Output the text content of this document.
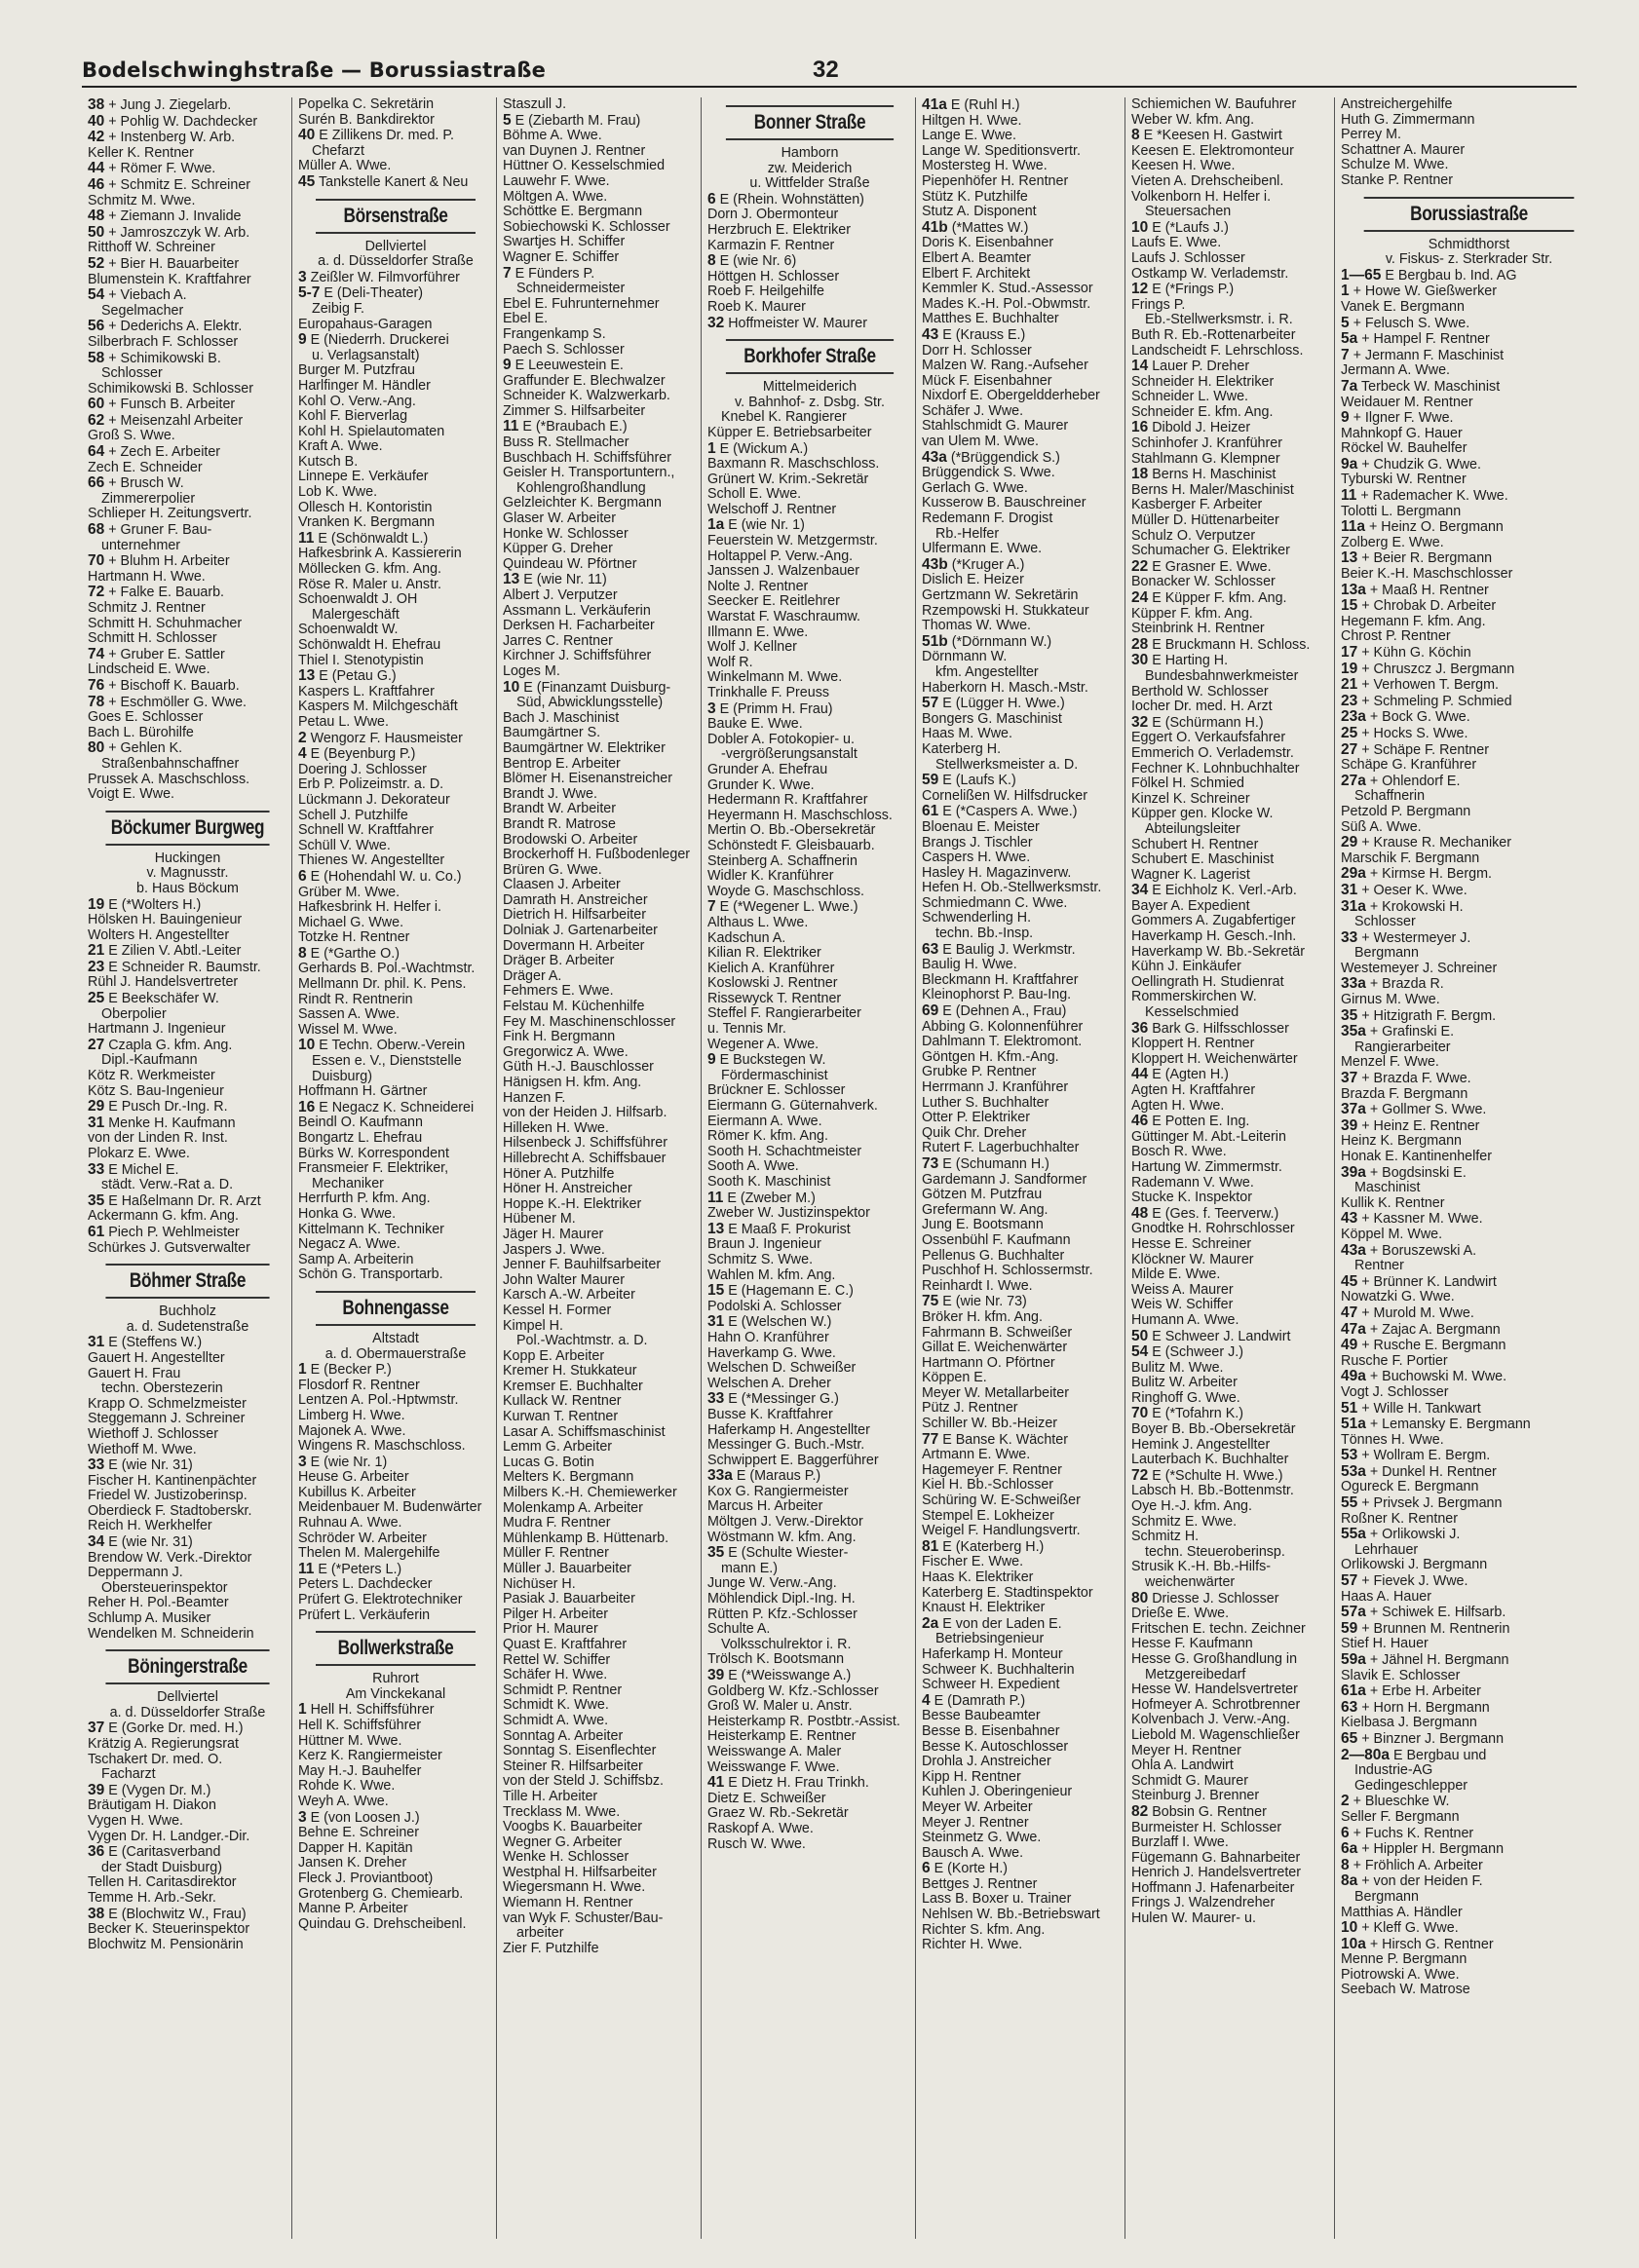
Bodelschwinghstraße — Borussiastraße	32
38 + Jung J. Ziegelarb.
40 + Pohlig W. Dachdecker
42 + Instenberg W. Arb.
Keller K. Rentner
44 + Römer F. Wwe.
46 + Schmitz E. Schreiner
Schmitz M. Wwe.
48 + Ziemann J. Invalide
50 + Jamroszczyk W. Arb.
Ritthoff W. Schreiner
52 + Bier H. Bauarbeiter
Blumenstein K. Kraftfahrer
54 + Viebach A.
Segelmacher
56 + Dederichs A. Elektr.
Silberbrach F. Schlosser
58 + Schimikowski B.
Schlosser
Schimikowski B. Schlosser
60 + Funsch B. Arbeiter
62 + Meisenzahl Arbeiter
Groß S. Wwe.
64 + Zech E. Arbeiter
Zech E. Schneider
66 + Brusch W.
Zimmererpolier
Schlieper H. Zeitungsvertr.
68 + Gruner F. Bau-
unternehmer
70 + Bluhm H. Arbeiter
Hartmann H. Wwe.
72 + Falke E. Bauarb.
Schmitz J. Rentner
Schmitt H. Schuhmacher
Schmitt H. Schlosser
74 + Gruber E. Sattler
Lindscheid E. Wwe.
76 + Bischoff K. Bauarb.
78 + Eschmöller G. Wwe.
Goes E. Schlosser
Bach L. Bürohilfe
80 + Gehlen K.
Straßenbahnschaffner
Prussek A. Maschschloss.
Voigt E. Wwe.
Böckumer Burgweg
Huckingen
v. Magnusstr.
b. Haus Böckum
19 E (*Wolters H.)
Hölsken H. Bauingenieur
Wolters H. Angestellter
21 E Zilien V. Abtl.-Leiter
23 E Schneider R. Baumstr.
Rühl J. Handelsvertreter
25 E Beekschäfer W.
Oberpolier
Hartmann J. Ingenieur
27 Czapla G. kfm. Ang.
Dipl.-Kaufmann
Kötz R. Werkmeister
Kötz S. Bau-Ingenieur
29 E Pusch Dr.-Ing. R.
31 Menke H. Kaufmann
von der Linden R. Inst.
Plokarz E. Wwe.
33 E Michel E.
städt. Verw.-Rat a. D.
35 E Haßelmann Dr. R. Arzt
Ackermann G. kfm. Ang.
61 Piech P. Wehlmeister
Schürkes J. Gutsverwalter
Böhmer Straße
Buchholz
a. d. Sudetenstraße
31 E (Steffens W.)
Gauert H. Angestellter
Gauert H. Frau
techn. Oberstezerin
Krapp O. Schmelzmeister
Steggemann J. Schreiner
Wiethoff J. Schlosser
Wiethoff M. Wwe.
33 E (wie Nr. 31)
Fischer H. Kantinenpächter
Friedel W. Justizoberinsp.
Oberdieck F. Stadtoberskr.
Reich H. Werkhelfer
34 E (wie Nr. 31)
Brendow W. Verk.-Direktor
Deppermann J.
Obersteuerinspektor
Reher H. Pol.-Beamter
Schlump A. Musiker
Wendelken M. Schneiderin
Böningerstraße
Dellviertel
a. d. Düsseldorfer Straße
37 E (Gorke Dr. med. H.)
Krätzig A. Regierungsrat
Tschakert Dr. med. O.
Facharzt
39 E (Vygen Dr. M.)
Bräutigam H. Diakon
Vygen H. Wwe.
Vygen Dr. H. Landger.-Dir.
36 E (Caritasverband
der Stadt Duisburg)
Tellen H. Caritasdirektor
Temme H. Arb.-Sekr.
38 E (Blochwitz W., Frau)
Becker K. Steuerinspektor
Blochwitz M. Pensionärin
Popelka C. Sekretärin
Surén B. Bankdirektor
40 E Zillikens Dr. med. P.
Chefarzt
Müller A. Wwe.
45 Tankstelle Kanert & Neu
Börsenstraße
Dellviertel
a. d. Düsseldorfer Straße
3 Zeißler W. Filmvorführer
5-7 E (Deli-Theater)
Zeibig F.
Europahaus-Garagen
9 E (Niederrh. Druckerei
u. Verlagsanstalt)
Burger M. Putzfrau
Harlfinger M. Händler
Kohl O. Verw.-Ang.
Kohl F. Bierverlag
Kohl H. Spielautomaten
Kraft A. Wwe.
Kutsch B.
Linnepe E. Verkäufer
Lob K. Wwe.
Ollesch H. Kontoristin
Vranken K. Bergmann
11 E (Schönwaldt L.)
Hafkesbrink A. Kassiererin
Möllecken G. kfm. Ang.
Röse R. Maler u. Anstr.
Schoenwaldt J. OH
Malergeschäft
Schoenwaldt W.
Schönwaldt H. Ehefrau
Thiel I. Stenotypistin
13 E (Petau G.)
Kaspers L. Kraftfahrer
Kaspers M. Milchgeschäft
Petau L. Wwe.
2 Wengorz F. Hausmeister
4 E (Beyenburg P.)
Doering J. Schlosser
Erb P. Polizeimstr. a. D.
Lückmann J. Dekorateur
Schell J. Putzhilfe
Schnell W. Kraftfahrer
Schüll V. Wwe.
Thienes W. Angestellter
6 E (Hohendahl W. u. Co.)
Grüber M. Wwe.
Hafkesbrink H. Helfer i.
Michael G. Wwe.
Totzke H. Rentner
8 E (*Garthe O.)
Gerhards B. Pol.-Wachtmstr.
Mellmann Dr. phil. K. Pens.
Rindt R. Rentnerin
Sassen A. Wwe.
Wissel M. Wwe.
10 E Techn. Oberw.-Verein
Essen e. V., Dienststelle
Duisburg)
Hoffmann H. Gärtner
16 E Negacz K. Schneiderei
Beindl O. Kaufmann
Bongartz L. Ehefrau
Bürks W. Korrespondent
Fransmeier F. Elektriker,
Mechaniker
Herrfurth P. kfm. Ang.
Honka G. Wwe.
Kittelmann K. Techniker
Negacz A. Wwe.
Samp A. Arbeiterin
Schön G. Transportarb.
Bohnengasse
Altstadt
a. d. Obermauerstraße
1 E (Becker P.)
Flosdorf R. Rentner
Lentzen A. Pol.-Hptwmstr.
Limberg H. Wwe.
Majonek A. Wwe.
Wingens R. Maschschloss.
3 E (wie Nr. 1)
Heuse G. Arbeiter
Kubillus K. Arbeiter
Meidenbauer M. Budenwärter
Ruhnau A. Wwe.
Schröder W. Arbeiter
Thelen M. Malergehilfe
11 E (*Peters L.)
Peters L. Dachdecker
Prüfert G. Elektrotechniker
Prüfert L. Verkäuferin
Bollwerkstraße
Ruhrort
Am Vinckekanal
1 Hell H. Schiffsführer
Hell K. Schiffsführer
Hüttner M. Wwe.
Kerz K. Rangiermeister
May H.-J. Bauhelfer
Rohde K. Wwe.
Weyh A. Wwe.
3 E (von Loosen J.)
Behne E. Schreiner
Dapper H. Kapitän
Jansen K. Dreher
Fleck J. Proviantboot)
Grotenberg G. Chemiearb.
Manne P. Arbeiter
Quindau G. Drehscheibenl.
Staszull J.
5 E (Ziebarth M. Frau)
Böhme A. Wwe.
van Duynen J. Rentner
Hüttner O. Kesselschmied
Lauwehr F. Wwe.
Möltgen A. Wwe.
Schöttke E. Bergmann
Sobiechowski K. Schlosser
Swartjes H. Schiffer
Wagner E. Schiffer
7 E Fünders P.
Schneidermeister
Ebel E. Fuhrunternehmer
Ebel E.
Frangenkamp S.
Paech S. Schlosser
9 E Leeuwestein E.
Graffunder E. Blechwalzer
Schneider K. Walzwerkarb.
Zimmer S. Hilfsarbeiter
11 E (*Braubach E.)
Buss R. Stellmacher
Buschbach H. Schiffsführer
Geisler H. Transportuntern.,
Kohlengroßhandlung
Gelzleichter K. Bergmann
Glaser W. Arbeiter
Honke W. Schlosser
Küpper G. Dreher
Quindeau W. Pförtner
13 E (wie Nr. 11)
Albert J. Verputzer
Assmann L. Verkäuferin
Derksen H. Facharbeiter
Jarres C. Rentner
Kirchner J. Schiffsführer
Loges M.
10 E (Finanzamt Duisburg-
Süd, Abwicklungsstelle)
Bach J. Maschinist
Baumgärtner S.
Baumgärtner W. Elektriker
Bentrop E. Arbeiter
Blömer H. Eisenanstreicher
Brandt J. Wwe.
Brandt W. Arbeiter
Brandt R. Matrose
Brodowski O. Arbeiter
Brockerhoff H. Fußbodenleger
Brüren G. Wwe.
Claasen J. Arbeiter
Damrath H. Anstreicher
Dietrich H. Hilfsarbeiter
Dolniak J. Gartenarbeiter
Dovermann H. Arbeiter
Dräger B. Arbeiter
Dräger A.
Fehmers E. Wwe.
Felstau M. Küchenhilfe
Fey M. Maschinenschlosser
Fink H. Bergmann
Gregorwicz A. Wwe.
Güth H.-J. Bauschlosser
Hänigsen H. kfm. Ang.
Hanzen F.
von der Heiden J. Hilfsarb.
Hilleken H. Wwe.
Hilsenbeck J. Schiffsführer
Hillebrecht A. Schiffsbauer
Höner A. Putzhilfe
Höner H. Anstreicher
Hoppe K.-H. Elektriker
Hübener M.
Jäger H. Maurer
Jaspers J. Wwe.
Jenner F. Bauhilfsarbeiter
John Walter Maurer
Karsch A.-W. Arbeiter
Kessel H. Former
Kimpel H.
Pol.-Wachtmstr. a. D.
Kopp E. Arbeiter
Kremer H. Stukkateur
Kremser E. Buchhalter
Kullack W. Rentner
Kurwan T. Rentner
Lasar A. Schiffsmaschinist
Lemm G. Arbeiter
Lucas G. Botin
Melters K. Bergmann
Milbers K.-H. Chemiewerker
Molenkamp A. Arbeiter
Mudra F. Rentner
Mühlenkamp B. Hüttenarb.
Müller F. Rentner
Müller J. Bauarbeiter
Nichüser H.
Pasiak J. Bauarbeiter
Pilger H. Arbeiter
Prior H. Maurer
Quast E. Kraftfahrer
Rettel W. Schiffer
Schäfer H. Wwe.
Schmidt P. Rentner
Schmidt K. Wwe.
Schmidt A. Wwe.
Sonntag A. Arbeiter
Sonntag S. Eisenflechter
Steiner R. Hilfsarbeiter
von der Steld J. Schiffsbz.
Tille H. Arbeiter
Trecklass M. Wwe.
Voogbs K. Bauarbeiter
Wegner G. Arbeiter
Wenke H. Schlosser
Westphal H. Hilfsarbeiter
Wiegersmann H. Wwe.
Wiemann H. Rentner
van Wyk F. Schuster/Bau-
arbeiter
Zier F. Putzhilfe
Bonner Straße
Hamborn
zw. Meiderich
u. Wittfelder Straße
6 E (Rhein. Wohnstätten)
Dorn J. Obermonteur
Herzbruch E. Elektriker
Karmazin F. Rentner
8 E (wie Nr. 6)
Höttgen H. Schlosser
Roeb F. Heilgehilfe
Roeb K. Maurer
32 Hoffmeister W. Maurer
Borkhofer Straße
Mittelmeiderich
v. Bahnhof- z. Dsbg. Str.
Knebel K. Rangierer
Küpper E. Betriebsarbeiter
1 E (Wickum A.)
Baxmann R. Maschschloss.
Grünert W. Krim.-Sekretär
Scholl E. Wwe.
Welschoff J. Rentner
1a E (wie Nr. 1)
Feuerstein W. Metzgermstr.
Holtappel P. Verw.-Ang.
Janssen J. Walzenbauer
Nolte J. Rentner
Seecker E. Reitlehrer
Warstat F. Waschraumw.
Illmann E. Wwe.
Wolf J. Kellner
Wolf R.
Winkelmann M. Wwe.
Trinkhalle F. Preuss
3 E (Primm H. Frau)
Bauke E. Wwe.
Dobler A. Fotokopier- u.
-vergrößerungsanstalt
Grunder A. Ehefrau
Grunder K. Wwe.
Hedermann R. Kraftfahrer
Heyermann H. Maschschloss.
Mertin O. Bb.-Obersekretär
Schönstedt F. Gleisbauarb.
Steinberg A. Schaffnerin
Widler K. Kranführer
Woyde G. Maschschloss.
7 E (*Wegener L. Wwe.)
Althaus L. Wwe.
Kadschun A.
Kilian R. Elektriker
Kielich A. Kranführer
Koslowski J. Rentner
Rissewyck T. Rentner
Steffel F. Rangierarbeiter
u. Tennis Mr.
Wegener A. Wwe.
9 E Buckstegen W.
Fördermaschinist
Brückner E. Schlosser
Eiermann G. Güternahverk.
Eiermann A. Wwe.
Römer K. kfm. Ang.
Sooth H. Schachtmeister
Sooth A. Wwe.
Sooth K. Maschinist
11 E (Zweber M.)
Zweber W. Justizinspektor
13 E Maaß F. Prokurist
Braun J. Ingenieur
Schmitz S. Wwe.
Wahlen M. kfm. Ang.
15 E (Hagemann E. C.)
Podolski A. Schlosser
31 E (Welschen W.)
Hahn O. Kranführer
Haverkamp G. Wwe.
Welschen D. Schweißer
Welschen A. Dreher
33 E (*Messinger G.)
Busse K. Kraftfahrer
Haferkamp H. Angestellter
Messinger G. Buch.-Mstr.
Schwippert E. Baggerführer
33a E (Maraus P.)
Kox G. Rangiermeister
Marcus H. Arbeiter
Möltgen J. Verw.-Direktor
Wöstmann W. kfm. Ang.
35 E (Schulte Wiester-
mann E.)
Junge W. Verw.-Ang.
Möhlendick Dipl.-Ing. H.
Rütten P. Kfz.-Schlosser
Schulte A.
Volksschulrektor i. R.
Trölsch K. Bootsmann
39 E (*Weisswange A.)
Goldberg W. Kfz.-Schlosser
Groß W. Maler u. Anstr.
Heisterkamp R. Postbtr.-Assist.
Heisterkamp E. Rentner
Weisswange A. Maler
Weisswange F. Wwe.
41 E Dietz H. Frau Trinkh.
Dietz E. Schweißer
Graez W. Rb.-Sekretär
Raskopf A. Wwe.
Rusch W. Wwe.
41a E (Ruhl H.)
Hiltgen H. Wwe.
Lange E. Wwe.
Lange W. Speditionsvertr.
Mostersteg H. Wwe.
Piepenhöfer H. Rentner
Stütz K. Putzhilfe
Stutz A. Disponent
41b (*Mattes W.)
Doris K. Eisenbahner
Elbert A. Beamter
Elbert F. Architekt
Kemmler K. Stud.-Assessor
Mades K.-H. Pol.-Obwmstr.
Matthes E. Buchhalter
43 E (Krauss E.)
Dorr H. Schlosser
Malzen W. Rang.-Aufseher
Mück F. Eisenbahner
Nixdorf E. Obergeldderheber
Schäfer J. Wwe.
Stahlschmidt G. Maurer
van Ulem M. Wwe.
43a (*Brüggendick S.)
Brüggendick S. Wwe.
Gerlach G. Wwe.
Kusserow B. Bauschreiner
Redemann F. Drogist
Rb.-Helfer
Ulfermann E. Wwe.
43b (*Kruger A.)
Dislich E. Heizer
Gertzmann W. Sekretärin
Rzempowski H. Stukkateur
Thomas W. Wwe.
51b (*Dörnmann W.)
Dörnmann W.
kfm. Angestellter
Haberkorn H. Masch.-Mstr.
57 E (Lügger H. Wwe.)
Bongers G. Maschinist
Haas M. Wwe.
Katerberg H.
Stellwerksmeister a. D.
59 E (Laufs K.)
Cornelißen W. Hilfsdrucker
61 E (*Caspers A. Wwe.)
Bloenau E. Meister
Brangs J. Tischler
Caspers H. Wwe.
Hasley H. Magazinverw.
Hefen H. Ob.-Stellwerksmstr.
Schmiedmann C. Wwe.
Schwenderling H.
techn. Bb.-Insp.
63 E Baulig J. Werkmstr.
Baulig H. Wwe.
Bleckmann H. Kraftfahrer
Kleinophorst P. Bau-Ing.
69 E (Dehnen A., Frau)
Abbing G. Kolonnenführer
Dahlmann T. Elektromont.
Göntgen H. Kfm.-Ang.
Grubke P. Rentner
Herrmann J. Kranführer
Luther S. Buchhalter
Otter P. Elektriker
Quik Chr. Dreher
Rutert F. Lagerbuchhalter
73 E (Schumann H.)
Gardemann J. Sandformer
Götzen M. Putzfrau
Grefermann W. Ang.
Jung E. Bootsmann
Ossenbühl F. Kaufmann
Pellenus G. Buchhalter
Puschhof H. Schlossermstr.
Reinhardt I. Wwe.
75 E (wie Nr. 73)
Bröker H. kfm. Ang.
Fahrmann B. Schweißer
Gillat E. Weichenwärter
Hartmann O. Pförtner
Köppen E.
Meyer W. Metallarbeiter
Pütz J. Rentner
Schiller W. Bb.-Heizer
77 E Banse K. Wächter
Artmann E. Wwe.
Hagemeyer F. Rentner
Kiel H. Bb.-Schlosser
Schüring W. E-Schweißer
Stempel E. Lokheizer
Weigel F. Handlungsvertr.
81 E (Katerberg H.)
Fischer E. Wwe.
Haas K. Elektriker
Katerberg E. Stadtinspektor
Knaust H. Elektriker
2a E von der Laden E.
Betriebsingenieur
Haferkamp H. Monteur
Schweer K. Buchhalterin
Schweer H. Expedient
4 E (Damrath P.)
Besse Baubeamter
Besse B. Eisenbahner
Besse K. Autoschlosser
Drohla J. Anstreicher
Kipp H. Rentner
Kuhlen J. Oberingenieur
Meyer W. Arbeiter
Meyer J. Rentner
Steinmetz G. Wwe.
Bausch A. Wwe.
6 E (Korte H.)
Bettges J. Rentner
Lass B. Boxer u. Trainer
Nehlsen W. Bb.-Betriebswart
Richter S. kfm. Ang.
Richter H. Wwe.
Schiemichen W. Baufuhrer
Weber W. kfm. Ang.
8 E *Keesen H. Gastwirt
Keesen E. Elektromonteur
Keesen H. Wwe.
Vieten A. Drehscheibenl.
Volkenborn H. Helfer i.
Steuersachen
10 E (*Laufs J.)
Laufs E. Wwe.
Laufs J. Schlosser
Ostkamp W. Verlademstr.
12 E (*Frings P.)
Frings P.
Eb.-Stellwerksmstr. i. R.
Buth R. Eb.-Rottenarbeiter
Landscheidt F. Lehrschloss.
14 Lauer P. Dreher
Schneider H. Elektriker
Schneider L. Wwe.
Schneider E. kfm. Ang.
16 Dibold J. Heizer
Schinhofer J. Kranführer
Stahlmann G. Klempner
18 Berns H. Maschinist
Berns H. Maler/Maschinist
Kasberger F. Arbeiter
Müller D. Hüttenarbeiter
Schulz O. Verputzer
Schumacher G. Elektriker
22 E Grasner E. Wwe.
Bonacker W. Schlosser
24 E Küpper F. kfm. Ang.
Küpper F. kfm. Ang.
Steinbrink H. Rentner
28 E Bruckmann H. Schloss.
30 E Harting H.
Bundesbahnwerkmeister
Berthold W. Schlosser
Iocher Dr. med. H. Arzt
32 E (Schürmann H.)
Eggert O. Verkaufsfahrer
Emmerich O. Verlademstr.
Fechner K. Lohnbuchhalter
Fölkel H. Schmied
Kinzel K. Schreiner
Küpper gen. Klocke W.
Abteilungsleiter
Schubert H. Rentner
Schubert E. Maschinist
Wagner K. Lagerist
34 E Eichholz K. Verl.-Arb.
Bayer A. Expedient
Gommers A. Zugabfertiger
Haverkamp H. Gesch.-Inh.
Haverkamp W. Bb.-Sekretär
Kühn J. Einkäufer
Oellingrath H. Studienrat
Rommerskirchen W.
Kesselschmied
36 Bark G. Hilfsschlosser
Kloppert H. Rentner
Kloppert H. Weichenwärter
44 E (Agten H.)
Agten H. Kraftfahrer
Agten H. Wwe.
46 E Potten E. Ing.
Güttinger M. Abt.-Leiterin
Bosch R. Wwe.
Hartung W. Zimmermstr.
Rademann V. Wwe.
Stucke K. Inspektor
48 E (Ges. f. Teerverw.)
Gnodtke H. Rohrschlosser
Hesse E. Schreiner
Klöckner W. Maurer
Milde E. Wwe.
Weiss A. Maurer
Weis W. Schiffer
Humann A. Wwe.
50 E Schweer J. Landwirt
54 E (Schweer J.)
Bulitz M. Wwe.
Bulitz W. Arbeiter
Ringhoff G. Wwe.
70 E (*Tofahrn K.)
Boyer B. Bb.-Obersekretär
Hemink J. Angestellter
Lauterbach K. Buchhalter
72 E (*Schulte H. Wwe.)
Labsch H. Bb.-Bottenmstr.
Oye H.-J. kfm. Ang.
Schmitz E. Wwe.
Schmitz H.
techn. Steueroberinsp.
Strusik K.-H. Bb.-Hilfs-
weichenwärter
80 Driesse J. Schlosser
Drieße E. Wwe.
Fritschen E. techn. Zeichner
Hesse F. Kaufmann
Hesse G. Großhandlung in
Metzgereibedarf
Hesse W. Handelsvertreter
Hofmeyer A. Schrotbrenner
Kolvenbach J. Verw.-Ang.
Liebold M. Wagenschließer
Meyer H. Rentner
Ohla A. Landwirt
Schmidt G. Maurer
Steinburg J. Brenner
82 Bobsin G. Rentner
Burmeister H. Schlosser
Burzlaff I. Wwe.
Fügemann G. Bahnarbeiter
Henrich J. Handelsvertreter
Hoffmann J. Hafenarbeiter
Frings J. Walzendreher
Hulen W. Maurer- u.
Anstreichergehilfe
Huth G. Zimmermann
Perrey M.
Schattner A. Maurer
Schulze M. Wwe.
Stanke P. Rentner
Borussiastraße
Schmidthorst
v. Fiskus- z. Sterkrader Str.
1—65 E Bergbau b. Ind. AG
1 + Howe W. Gießwerker
Vanek E. Bergmann
5 + Felusch S. Wwe.
5a + Hampel F. Rentner
7 + Jermann F. Maschinist
Jermann A. Wwe.
7a Terbeck W. Maschinist
Weidauer M. Rentner
9 + Ilgner F. Wwe.
Mahnkopf G. Hauer
Röckel W. Bauhelfer
9a + Chudzik G. Wwe.
Tyburski W. Rentner
11 + Rademacher K. Wwe.
Tolotti L. Bergmann
11a + Heinz O. Bergmann
Zolberg E. Wwe.
13 + Beier R. Bergmann
Beier K.-H. Maschschlosser
13a + Maaß H. Rentner
15 + Chrobak D. Arbeiter
Hegemann F. kfm. Ang.
Chrost P. Rentner
17 + Kühn G. Köchin
19 + Chruszcz J. Bergmann
21 + Verhowen T. Bergm.
23 + Schmeling P. Schmied
23a + Bock G. Wwe.
25 + Hocks S. Wwe.
27 + Schäpe F. Rentner
Schäpe G. Kranführer
27a + Ohlendorf E.
Schaffnerin
Petzold P. Bergmann
Süß A. Wwe.
29 + Krause R. Mechaniker
Marschik F. Bergmann
29a + Kirmse H. Bergm.
31 + Oeser K. Wwe.
31a + Krokowski H.
Schlosser
33 + Westermeyer J.
Bergmann
Westemeyer J. Schreiner
33a + Brazda R.
Girnus M. Wwe.
35 + Hitzigrath F. Bergm.
35a + Grafinski E.
Rangierarbeiter
Menzel F. Wwe.
37 + Brazda F. Wwe.
Brazda F. Bergmann
37a + Gollmer S. Wwe.
39 + Heinz E. Rentner
Heinz K. Bergmann
Honak E. Kantinenhelfer
39a + Bogdsinski E.
Maschinist
Kullik K. Rentner
43 + Kassner M. Wwe.
Köppel M. Wwe.
43a + Boruszewski A.
Rentner
45 + Brünner K. Landwirt
Nowatzki G. Wwe.
47 + Murold M. Wwe.
47a + Zajac A. Bergmann
49 + Rusche E. Bergmann
Rusche F. Portier
49a + Buchowski M. Wwe.
Vogt J. Schlosser
51 + Wille H. Tankwart
51a + Lemansky E. Bergmann
Tönnes H. Wwe.
53 + Wollram E. Bergm.
53a + Dunkel H. Rentner
Ogureck E. Bergmann
55 + Privsek J. Bergmann
Roßner K. Rentner
55a + Orlikowski J.
Lehrhauer
Orlikowski J. Bergmann
57 + Fievek J. Wwe.
Haas A. Hauer
57a + Schiwek E. Hilfsarb.
59 + Brunnen M. Rentnerin
Stief H. Hauer
59a + Jähnel H. Bergmann
Slavik E. Schlosser
61a + Erbe H. Arbeiter
63 + Horn H. Bergmann
Kielbasa J. Bergmann
65 + Binzner J. Bergmann
2—80a E Bergbau und
Industrie-AG
Gedingeschlepper
2 + Blueschke W.
Seller F. Bergmann
6 + Fuchs K. Rentner
6a + Hippler H. Bergmann
8 + Fröhlich A. Arbeiter
8a + von der Heiden F.
Bergmann
Matthias A. Händler
10 + Kleff G. Wwe.
10a + Hirsch G. Rentner
Menne P. Bergmann
Piotrowski A. Wwe.
Seebach W. Matrose
